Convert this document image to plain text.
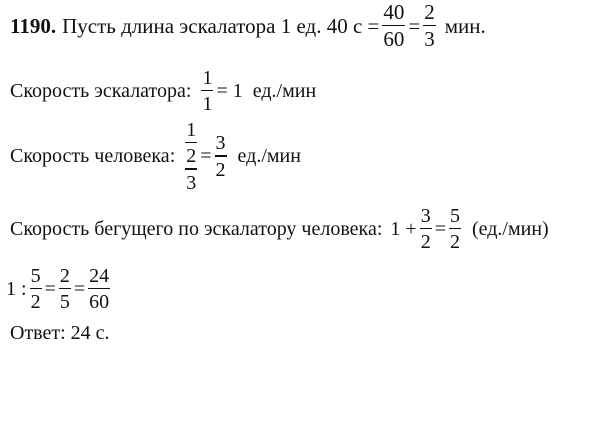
1190. Пусть длина эскалатора 1 ед. 40 $с = \frac{40}{60} = \frac{2}{3}$ мин.
Скорость эскалатора: $\frac{1}{1} = 1$ ед./мин
Скорость человека: $\frac{1}{\frac{2}{3}} = \frac{3}{2} ед./мин$
Скорость бегущего по эскалатору человека: $1 + \frac{3}{2} = \frac{5}{2} (ед./мин)$
1 : $\frac{5}{2} = \frac{2}{5} = \frac{24}{60}$
Ответ: 24 с.
